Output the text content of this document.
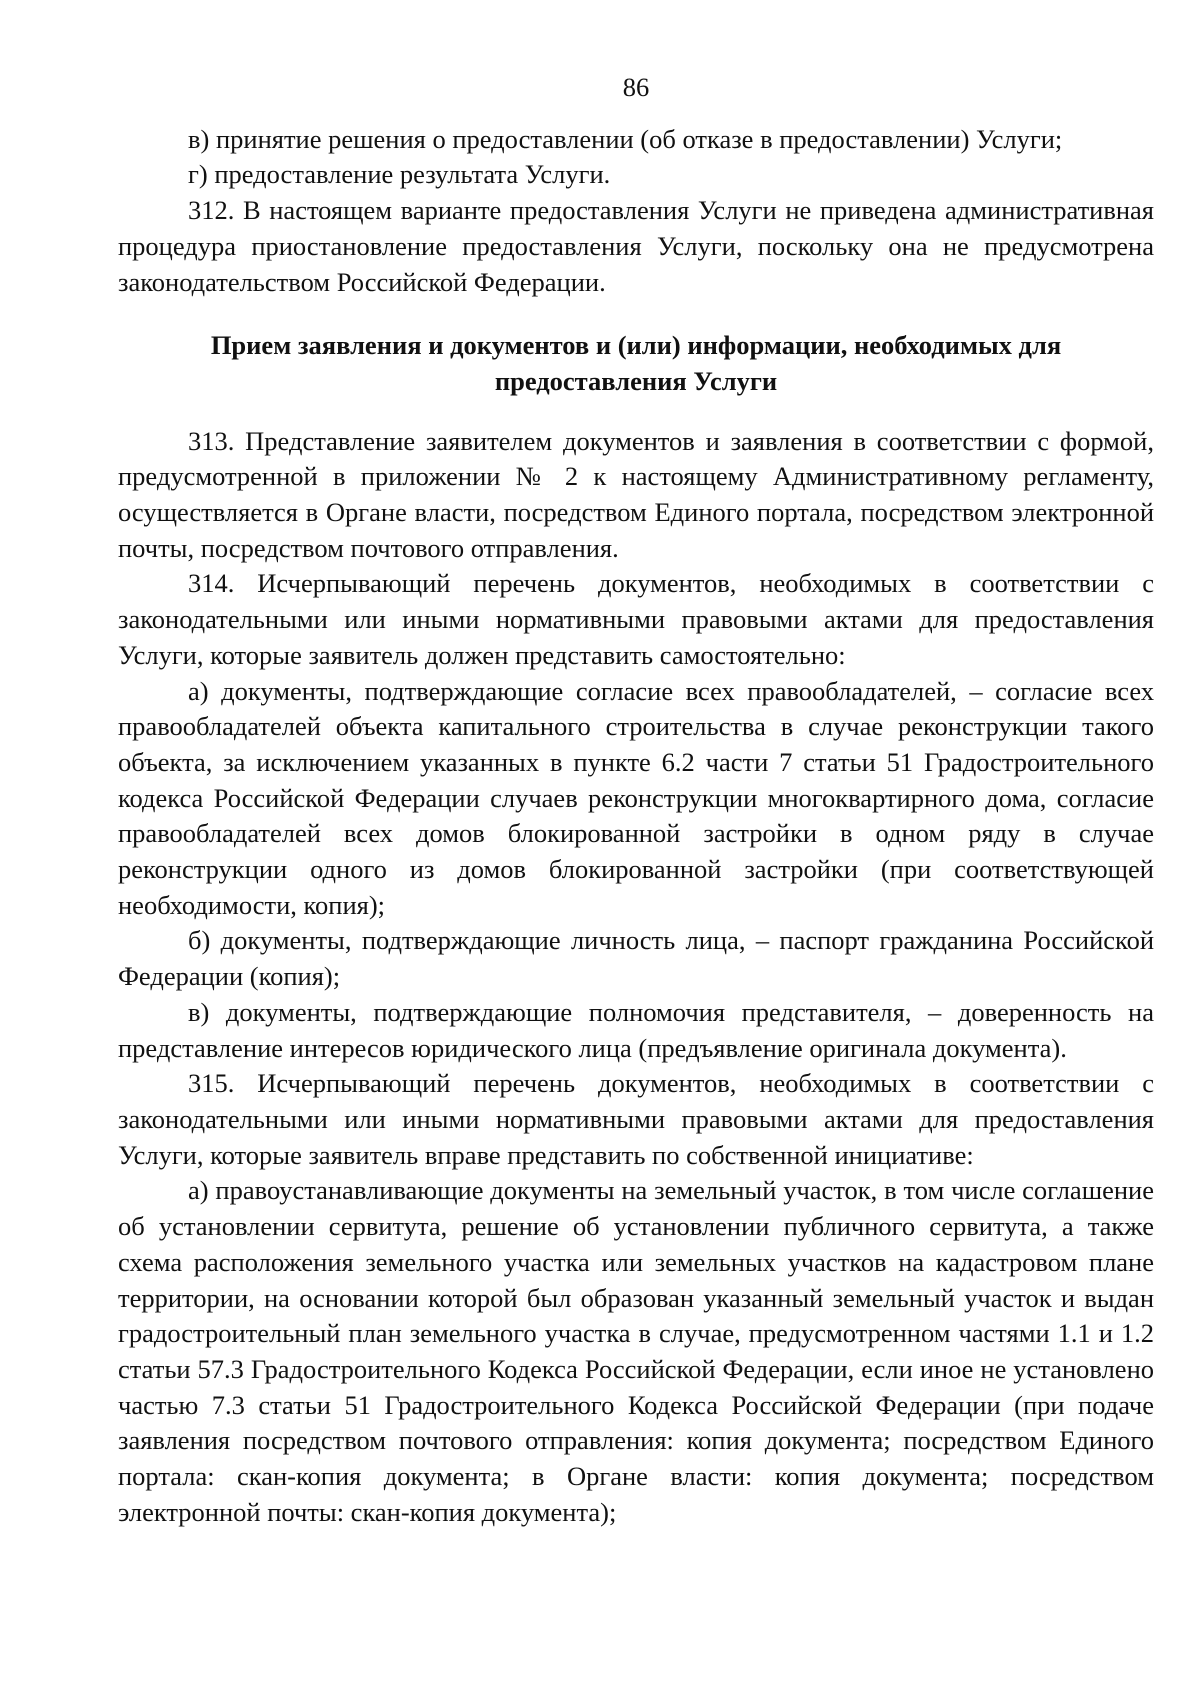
86

в) принятие решения о предоставлении (об отказе в предоставлении) Услуги;

г) предоставление результата Услуги.

312. В настоящем варианте предоставления Услуги не приведена административная процедура приостановление предоставления Услуги, поскольку она не предусмотрена законодательством Российской Федерации.

Прием заявления и документов и (или) информации, необходимых для предоставления Услуги

313. Представление заявителем документов и заявления в соответствии с формой, предусмотренной в приложении № 2 к настоящему Административному регламенту, осуществляется в Органе власти, посредством Единого портала, посредством электронной почты, посредством почтового отправления.

314. Исчерпывающий перечень документов, необходимых в соответствии с законодательными или иными нормативными правовыми актами для предоставления Услуги, которые заявитель должен представить самостоятельно:

а) документы, подтверждающие согласие всех правообладателей, – согласие всех правообладателей объекта капитального строительства в случае реконструкции такого объекта, за исключением указанных в пункте 6.2 части 7 статьи 51 Градостроительного кодекса Российской Федерации случаев реконструкции многоквартирного дома, согласие правообладателей всех домов блокированной застройки в одном ряду в случае реконструкции одного из домов блокированной застройки (при соответствующей необходимости, копия);

б) документы, подтверждающие личность лица, – паспорт гражданина Российской Федерации (копия);

в) документы, подтверждающие полномочия представителя, – доверенность на представление интересов юридического лица (предъявление оригинала документа).

315. Исчерпывающий перечень документов, необходимых в соответствии с законодательными или иными нормативными правовыми актами для предоставления Услуги, которые заявитель вправе представить по собственной инициативе:

а) правоустанавливающие документы на земельный участок, в том числе соглашение об установлении сервитута, решение об установлении публичного сервитута, а также схема расположения земельного участка или земельных участков на кадастровом плане территории, на основании которой был образован указанный земельный участок и выдан градостроительный план земельного участка в случае, предусмотренном частями 1.1 и 1.2 статьи 57.3 Градостроительного Кодекса Российской Федерации, если иное не установлено частью 7.3 статьи 51 Градостроительного Кодекса Российской Федерации (при подаче заявления посредством почтового отправления: копия документа; посредством Единого портала: скан-копия документа; в Органе власти: копия документа; посредством электронной почты: скан-копия документа);
